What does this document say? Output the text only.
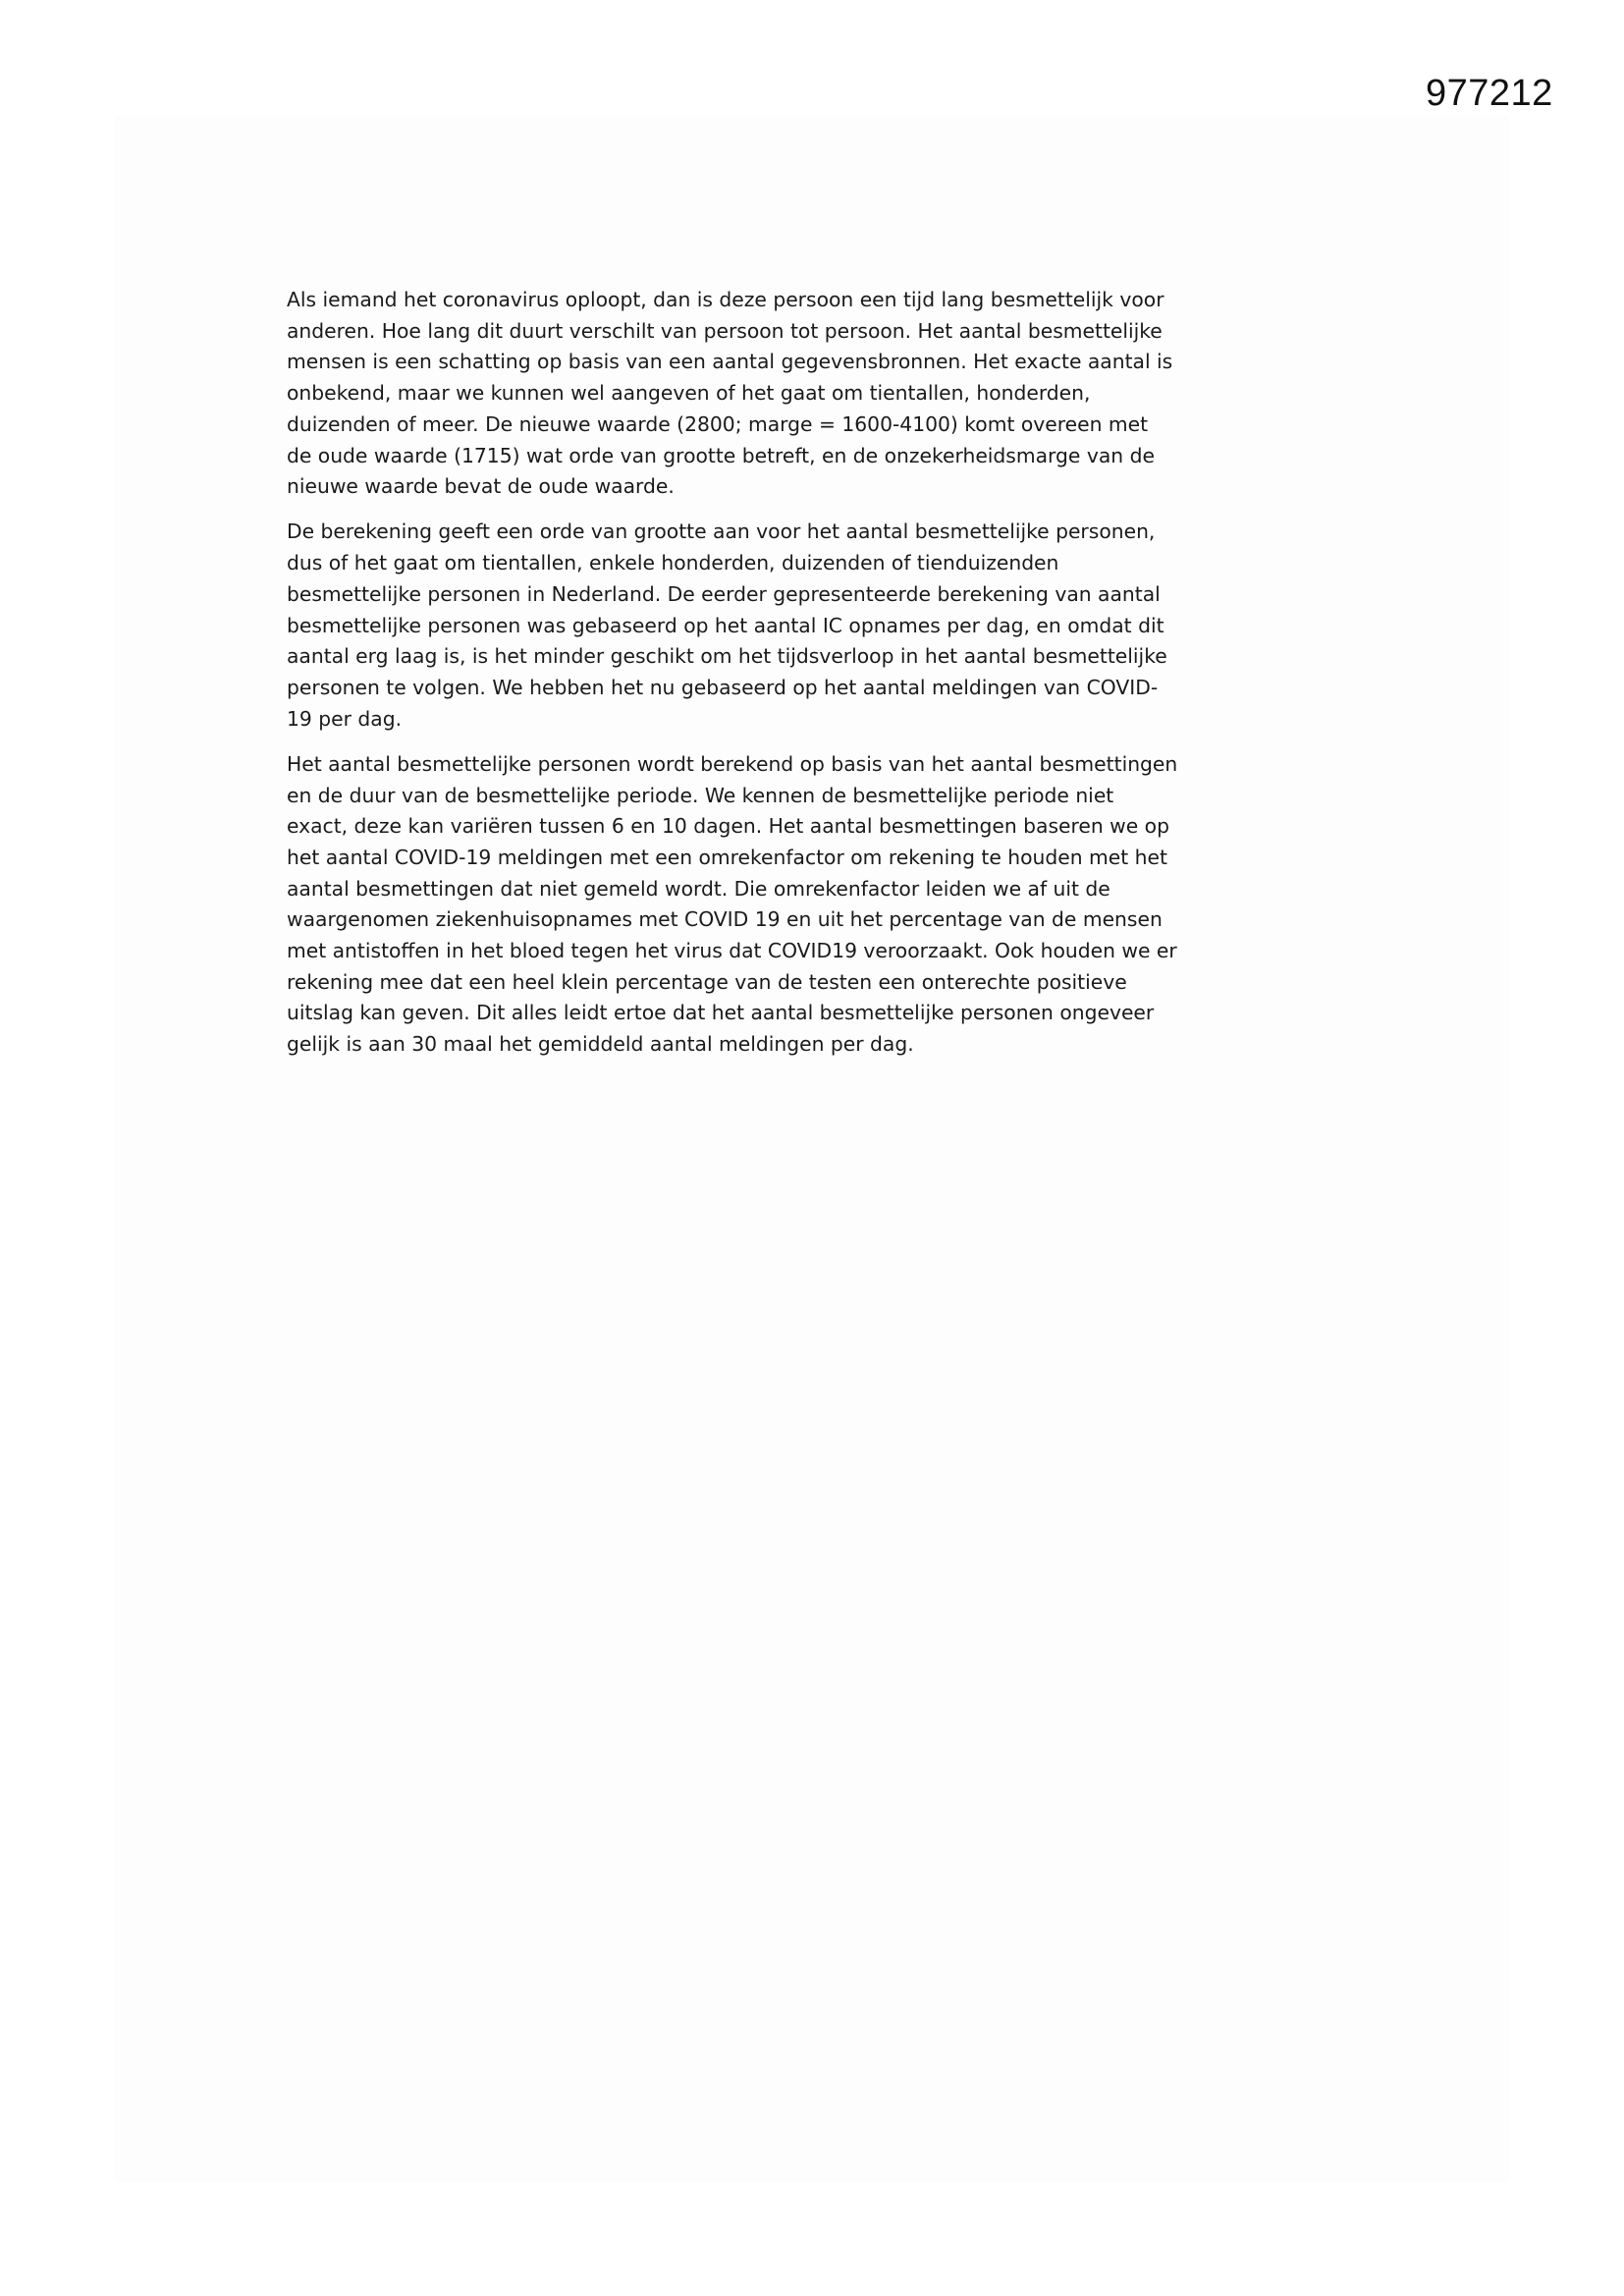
977212

Als iemand het coronavirus oploopt, dan is deze persoon een tijd lang besmettelijk voor
anderen. Hoe lang dit duurt verschilt van persoon tot persoon. Het aantal besmettelijke
mensen is een schatting op basis van een aantal gegevensbronnen. Het exacte aantal is
onbekend, maar we kunnen wel aangeven of het gaat om tientallen, honderden,
duizenden of meer. De nieuwe waarde (2800; marge = 1600-4100) komt overeen met
de oude waarde (1715) wat orde van grootte betreft, en de onzekerheidsmarge van de
nieuwe waarde bevat de oude waarde.

De berekening geeft een orde van grootte aan voor het aantal besmettelijke personen,
dus of het gaat om tientallen, enkele honderden, duizenden of tienduizenden
besmettelijke personen in Nederland. De eerder gepresenteerde berekening van aantal
besmettelijke personen was gebaseerd op het aantal IC opnames per dag, en omdat dit
aantal erg laag is, is het minder geschikt om het tijdsverloop in het aantal besmettelijke
personen te volgen. We hebben het nu gebaseerd op het aantal meldingen van COVID-
19 per dag.

Het aantal besmettelijke personen wordt berekend op basis van het aantal besmettingen
en de duur van de besmettelijke periode. We kennen de besmettelijke periode niet
exact, deze kan variëren tussen 6 en 10 dagen. Het aantal besmettingen baseren we op
het aantal COVID-19 meldingen met een omrekenfactor om rekening te houden met het
aantal besmettingen dat niet gemeld wordt. Die omrekenfactor leiden we af uit de
waargenomen ziekenhuisopnames met COVID 19 en uit het percentage van de mensen
met antistoffen in het bloed tegen het virus dat COVID19 veroorzaakt. Ook houden we er
rekening mee dat een heel klein percentage van de testen een onterechte positieve
uitslag kan geven. Dit alles leidt ertoe dat het aantal besmettelijke personen ongeveer
gelijk is aan 30 maal het gemiddeld aantal meldingen per dag.
